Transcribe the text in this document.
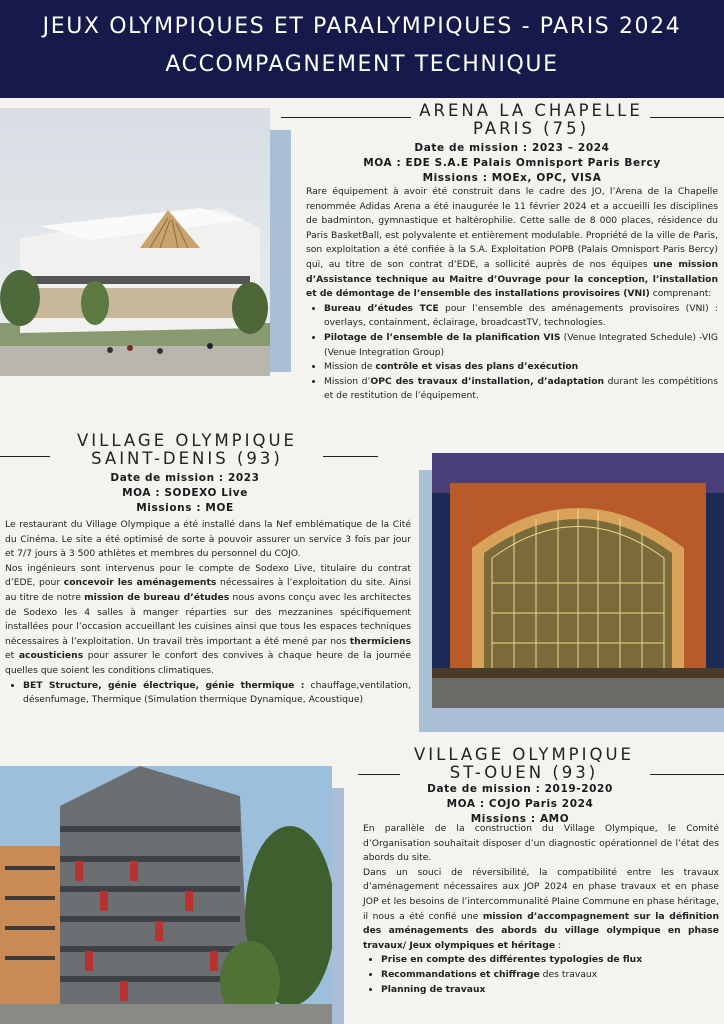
JEUX OLYMPIQUES ET PARALYMPIQUES - PARIS 2024
ACCOMPAGNEMENT TECHNIQUE
ARENA LA CHAPELLE
PARIS (75)
Date de mission : 2023 – 2024
MOA : EDE S.A.E Palais Omnisport Paris Bercy
Missions : MOEx, OPC, VISA

Rare équipement à avoir été construit dans le cadre des JO, l’Arena de la Chapelle renommée Adidas Arena a été inaugurée le 11 février 2024 et a accueilli les disciplines de badminton, gymnastique et haltérophilie. Cette salle de 8 000 places, résidence du Paris BasketBall, est polyvalente et entièrement modulable. Propriété de la ville de Paris, son exploitation a été confiée à la S.A. Exploitation POPB (Palais Omnisport Paris Bercy) qui, au titre de son contrat d’EDE, a sollicité auprès de nos équipes une mission d’Assistance technique au Maitre d’Ouvrage pour la conception, l’installation et de démontage de l’ensemble des installations provisoires (VNI) comprenant:

• Bureau d’études TCE pour l’ensemble des aménagements provisoires (VNI) : overlays, containment, éclairage, broadcastTV, technologies.
• Pilotage de l’ensemble de la planification VIS (Venue Integrated Schedule) -VIG (Venue Integration Group)
• Mission de contrôle et visas des plans d’exécution
• Mission d’OPC des travaux d’installation, d’adaptation durant les compétitions et de restitution de l’équipement.
VILLAGE OLYMPIQUE
SAINT-DENIS (93)
Date de mission : 2023
MOA : SODEXO Live
Missions : MOE

Le restaurant du Village Olympique a été installé dans la Nef emblématique de la Cité du Cinéma. Le site a été optimisé de sorte à pouvoir assurer un service 3 fois par jour et 7/7 jours à 3 500 athlètes et membres du personnel du COJO.

Nos ingénieurs sont intervenus pour le compte de Sodexo Live, titulaire du contrat d’EDE, pour concevoir les aménagements nécessaires à l’exploitation du site. Ainsi au titre de notre mission de bureau d’études nous avons conçu avec les architectes de Sodexo les 4 salles à manger réparties sur des mezzanines spécifiquement installées pour l’occasion accueillant les cuisines ainsi que tous les espaces techniques nécessaires à l’exploitation. Un travail très important a été mené par nos thermiciens et acousticiens pour assurer le confort des convives à chaque heure de la journée quelles que soient les conditions climatiques.

• BET Structure, génie électrique, génie thermique : chauffage,ventilation, désenfumage, Thermique (Simulation thermique Dynamique, Acoustique)
VILLAGE OLYMPIQUE
ST-OUEN (93)
Date de mission : 2019-2020
MOA : COJO Paris 2024
Missions : AMO

En parallèle de la construction du Village Olympique, le Comité d’Organisation souhaitait disposer d’un diagnostic opérationnel de l’état des abords du site.

Dans un souci de réversibilité, la compatibilité entre les travaux d’aménagement nécessaires aux JOP 2024 en phase travaux et en phase JOP et les besoins de l’intercommunalité Plaine Commune en phase héritage, il nous a été confié une mission d’accompagnement sur la définition des aménagements des abords du village olympique en phase travaux/ Jeux olympiques et héritage :

• Prise en compte des différentes typologies de flux
• Recommandations et chiffrage des travaux
• Planning de travaux
